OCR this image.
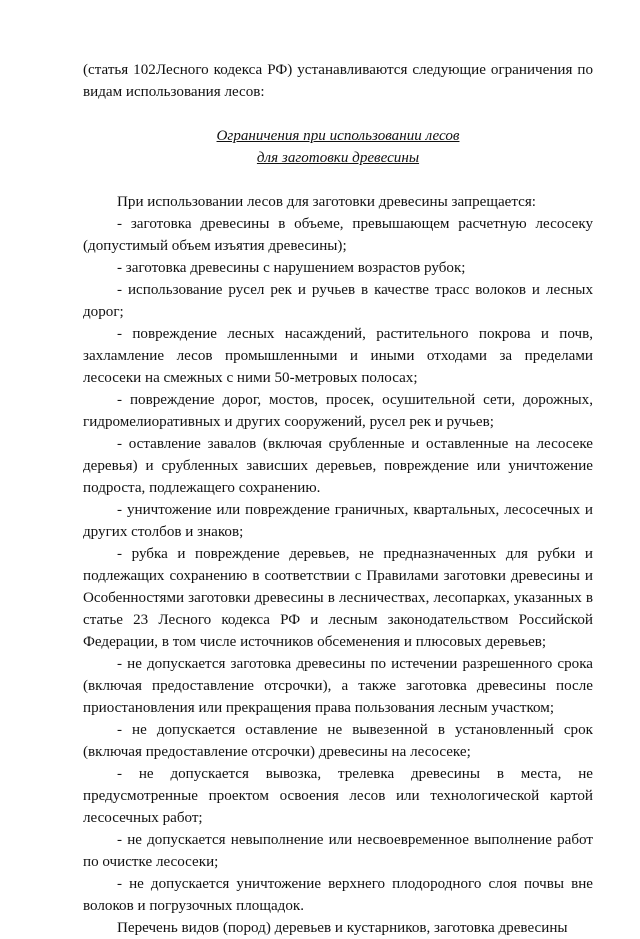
(статья 102Лесного кодекса РФ) устанавливаются следующие ограничения по видам использования лесов:

Ограничения при использовании лесов

для заготовки древесины

При использовании лесов для заготовки древесины запрещается:

- заготовка древесины в объеме, превышающем расчетную лесосеку (допустимый объем изъятия древесины);

- заготовка древесины с нарушением возрастов рубок;

- использование русел рек и ручьев в качестве трасс волоков и лесных дорог;

- повреждение лесных насаждений, растительного покрова и почв, захламление лесов промышленными и иными отходами за пределами лесосеки на смежных с ними 50-метровых полосах;

- повреждение дорог, мостов, просек, осушительной сети, дорожных, гидромелиоративных и других сооружений, русел рек и ручьев;

- оставление завалов (включая срубленные и оставленные на лесосеке деревья) и срубленных зависших деревьев, повреждение или уничтожение подроста, подлежащего сохранению.

- уничтожение или повреждение граничных, квартальных, лесосечных и других столбов и знаков;

- рубка и повреждение деревьев, не предназначенных для рубки и подлежащих сохранению в соответствии с Правилами заготовки древесины и Особенностями заготовки древесины в лесничествах, лесопарках, указанных в статье 23 Лесного кодекса РФ и лесным законодательством Российской Федерации, в том числе источников обсеменения и плюсовых деревьев;

- не допускается заготовка древесины по истечении разрешенного срока (включая предоставление отсрочки), а также заготовка древесины после приостановления или прекращения права пользования лесным участком;

- не допускается оставление не вывезенной в установленный срок (включая предоставление отсрочки) древесины на лесосеке;

- не допускается вывозка, трелевка древесины в места, не предусмотренные проектом освоения лесов или технологической картой лесосечных работ;

- не допускается невыполнение или несвоевременное выполнение работ по очистке лесосеки;

- не допускается уничтожение верхнего плодородного слоя почвы вне волоков и погрузочных площадок.

Перечень видов (пород) деревьев и кустарников, заготовка древесины
